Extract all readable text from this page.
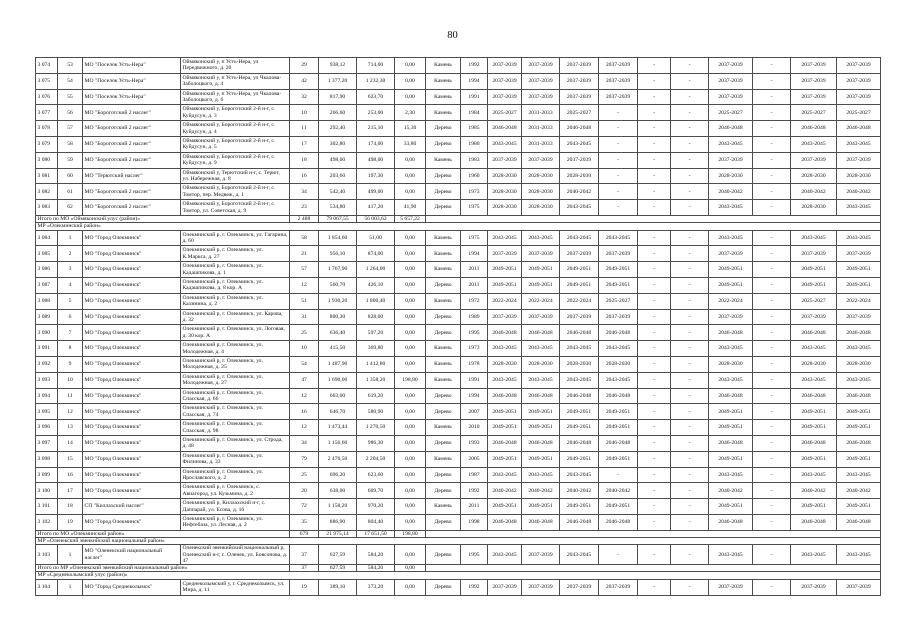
80
3 074	53	МО "Поселок Усть-Нера"	Оймяконский у, п Усть-Нера, ул Передвижного, д. 20	29	938,12	714,00	0,00	Камень	1992	2037-2039	2037-2039	2037-2039	2037-2039	-	-	2037-2039	-	2037-2039	2037-2039
3 075	54	МО "Поселок Усть-Нера"	Оймяконский у, п Усть-Нера, ул Чкалова-Заболоцкого, д. 4	42	1 377,20	1 232,30	0,00	Камень	1994	2037-2039	2037-2039	2037-2039	2037-2039	-	-	2037-2039	-	2037-2039	2037-2039
3 076	55	МО "Поселок Усть-Нера"	Оймяконский у, п Усть-Нера, ул Чкалова-Заболоцкого, д. 6	32	817,90	623,70	0,00	Камень	1991	2037-2039	2037-2039	2037-2039	2037-2039	-	-	2037-2039	-	2037-2039	2037-2039
3 077	56	МО "Бороготский 2 наслег"	Оймяконский у, Бороготский 2-й н-г, с. Куйдусун, д. 3	10	266,60	253,00	2,30	Камень	1984	2025-2027	2031-2033	2025-2027	-	-	-	2025-2027	-	2025-2027	2025-2027
3 078	57	МО "Бороготский 2 наслег"	Оймяконский у, Бороготский 2-й н-г, с. Куйдусун, д. 4	11	292,40	215,10	15,30	Дерево	1985	2046-2048	2031-2033	2046-2048	-	-	-	2046-2048	-	2046-2048	2046-2048
3 079	58	МО "Бороготский 2 наслег"	Оймяконский у, Бороготский 2-й н-г, с. Куйдусун, д. 5	17	302,80	174,00	33,80	Дерево	1980	2043-2045	2031-2033	2043-2045	-	-	-	2043-2045	-	2043-2045	2043-2045
3 080	59	МО "Бороготский 2 наслег"	Оймяконский у, Бороготский 2-й н-г, с. Куйдусун, д. 9	18	498,00	498,00	0,00	Камень	1983	2037-2039	2037-2039	2037-2039	-	-	-	2037-2039	-	2037-2039	2037-2039
3 081	60	МО "Терютский наслег"	Оймяконский у, Терютский н-г, с. Терют, ул. Набережная, д. 8	16	203,60	197,30	0,00	Дерево	1960	2028-2030	2028-2030	2028-2030	-	-	-	2028-2030	-	2028-2030	2028-2030
3 082	61	МО "Бороготский 2 наслег"	Оймяконский у, Бороготский 2-й н-г, с. Томтор, пер. Медвеж, д. 1	34	542,40	499,00	0,00	Дерево	1973	2028-2030	2028-2030	2040-2042	-	-	-	2040-2042	-	2040-2042	2040-2042
3 083	62	МО "Бороготский 2 наслег"	Оймяконский у, Бороготский 2-й н-г, с. Томтор, ул. Советская, д. 9	23	534,80	417,20	41,90	Дерево	1975	2028-2030	2028-2030	2043-2045	-	-	-	2043-2045	-	2028-2030	2043-2045
Итого по МО «Оймяконский улус (район)»				2 488	79 067,55	56 003,62	5 657,22												
МР «Олекминский район»																			
3 084	1	МО "Город Олекминск"	Олекминский р, г. Олекминск, ул. Гагарина, д. 60	58	1 854,60	51,00	0,00	Камень	1975	2043-2045	2043-2045	2043-2045	2043-2045	-	-	2043-2045	-	2043-2045	2043-2045
3 085	2	МО "Город Олекминск"	Олекминский р, г. Олекминск, ул. К.Маркса, д. 27	21	956,10	874,00	0,00	Камень	1994	2037-2039	2037-2039	2037-2039	2037-2039	-	-	2037-2039	-	2037-2039	2037-2039
3 086	3	МО "Город Олекминск"	Олекминский р, г. Олекминск, ул. Кадашпикова, д. 1	57	1 767,90	1 264,00	0,00	Камень	2011	2049-2051	2049-2051	2049-2051	2049-2051	-	-	2049-2051	-	2049-2051	2049-2051
3 087	4	МО "Город Олекминск"	Олекминский р, г. Олекминск, ул. Кадашпикова, д. 8 кор. А	12	560,70	426,10	0,00	Дерево	2011	2049-2051	2049-2051	2049-2051	2049-2051	-	-	2049-2051	-	2049-2051	2049-2051
3 088	5	МО "Город Олекминск"	Олекминский р, г. Олекминск, ул. Калинина, д. 2	51	1 930,20	1 800,40	0,00	Камень	1972	2022-2024	2022-2024	2022-2024	2025-2027	-	-	2022-2024	-	2025-2027	2022-2024
3 089	6	МО "Город Олекминск"	Олекминский р, г. Олекминск, ул. Карова, д. 32	31	800,30	828,00	0,00	Дерево	1989	2037-2039	2037-2039	2037-2039	2037-2039	-	-	2037-2039	-	2037-2039	2037-2039
3 090	7	МО "Город Олекминск"	Олекминский р, г. Олекминск, ул. Логовая, д. 30 кор. А	25	636,40	597,20	0,00	Дерево	1995	2046-2048	2046-2048	2046-2048	2046-2048	-	-	2046-2048	-	2046-2048	2046-2048
3 091	8	МО "Город Олекминск"	Олекминский р, г. Олекминск, ул. Молодежная, д. 4	10	415,50	369,80	0,00	Камень	1973	2043-2045	2043-2045	2043-2045	2043-2045	-	-	2043-2045	-	2043-2045	2043-2045
3 092	9	МО "Город Олекминск"	Олекминский р, г. Олекминск, ул. Молодежная, д. 25	54	1 487,90	1 412,80	0,00	Камень	1978	2028-2030	2028-2030	2028-2030	2028-2030	-	-	2028-2030	-	2028-2030	2028-2030
3 093	10	МО "Город Олекминск"	Олекминский р, г. Олекминск, ул. Молодежная, д. 27	47	1 690,00	1 358,20	198,80	Камень	1991	2043-2045	2043-2045	2043-2045	2043-2045	-	-	2043-2045	-	2043-2045	2043-2045
3 094	11	МО "Город Олекминск"	Олекминский р, г. Олекминск, ул. Спасская, д. 66	12	663,00	619,20	0,00	Дерево	1994	2046-2048	2046-2048	2046-2048	2046-2048	-	-	2046-2048	-	2046-2048	2046-2048
3 095	12	МО "Город Олекминск"	Олекминский р, г. Олекминск, ул. Спасская, д. 74	16	646,70	580,90	0,00	Дерево	2007	2049-2051	2049-2051	2049-2051	2049-2051	-	-	2049-2051	-	2049-2051	2049-2051
3 096	13	МО "Город Олекминск"	Олекминский р, г. Олекминск, ул. Спасская, д. 98	12	1 473,44	1 270,50	0,00	Камень	2010	2049-2051	2049-2051	2049-2051	2049-2051	-	-	2049-2051	-	2049-2051	2049-2051
3 097	14	МО "Город Олекминск"	Олекминский р, г. Олекминск, ул. Строда, д. 48	34	1 156,60	986,30	0,00	Дерево	1993	2046-2048	2046-2048	2046-2048	2046-2048	-	-	2046-2048	-	2046-2048	2046-2048
3 098	15	МО "Город Олекминск"	Олекминский р, г. Олекминск, ул. Филинова, д. 33	79	2 476,50	2 204,50	0,00	Камень	2005	2049-2051	2049-2051	2049-2051	2049-2051	-	-	2049-2051	-	2049-2051	2049-2051
3 099	16	МО "Город Олекминск"	Олекминский р, г. Олекминск, ул. Ярославского, д. 2	25	696,20	623,60	0,00	Дерево	1987	2043-2045	2043-2045	2043-2045	-	-	-	2043-2045	-	2043-2045	2043-2045
3 100	17	МО "Город Олекминск"	Олекминский р, г. Олекминск, с. Авиагород, ул. Кузьмина, д. 2	20	638,00	609,70	0,00	Дерево	1992	2040-2042	2040-2042	2040-2042	2040-2042	-	-	2040-2042	-	2040-2042	2040-2042
3 101	18	СП "Киллахский наслег"	Олекминский р, Киллахский н-г, с. Даппарай, ул. Есова, д. 16	72	1 158,20	970,20	0,00	Камень	2011	2049-2051	2049-2051	2049-2051	2049-2051	-	-	2049-2051	-	2049-2051	2049-2051
3 102	19	МО "Город Олекминск"	Олекминский р, г. Олекминск, ул. Нефтебаза, ул. Лесная, д. 2	35	886,90	804,40	0,00	Дерево	1998	2046-2048	2046-2048	2046-2048	2046-2048	-	-	2046-2048	-	2046-2048	2046-2048
Итого по МО «Олекминский район»				679	21 975,14	17 651,50	198,80												
МР «Оленекский эвенкийский национальный район»																			
3 103	1	МО "Оленекский национальный наслег"	Оленекский эвенкийский национальный р, Оленекский н-г, с. Оленек, ул. Бовсонова, д. 47	37	627,59	584,20	0,00	Дерево	1995	2043-2045	2037-2039	2043-2045	-	-	-	2043-2045	-	2043-2045	2043-2045
Итого по МР «Оленекский эвенкийский национальный район»				37	627,59	584,20	0,00												
МР «Среднеколымский улус (район)»																			
3 104	1	МО "Город Среднеколымск"	Среднеколымский у, г. Среднеколымск, ул. Мира, д. 11	19	389,10	373,20	0,00	Дерево	1992	2037-2039	2037-2039	2037-2039	2037-2039	-	-	2037-2039	-	2037-2039	2037-2039
